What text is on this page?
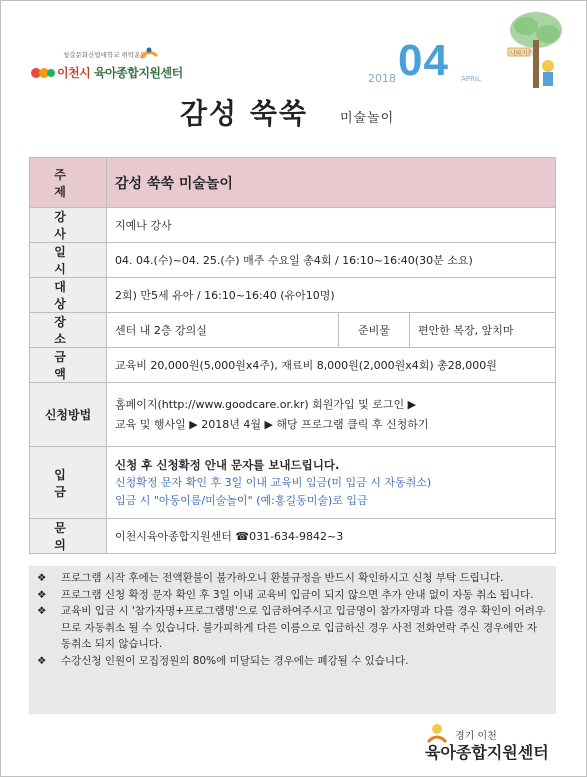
청강문화산업대학교 위탁운영
이천시 육아종합지원센터	2018 04 APRIL
나와지기
감성 쑥쑥 미술놀이
주 제	감성 쑥쑥 미술놀이		
강 사	지예나 강사		
일 시	04. 04.(수)~04. 25.(수) 매주 수요일 총4회 / 16:10~16:40(30분 소요)		
대 상	2회) 만5세 유아 / 16:10~16:40 (유아10명)		
장 소	센터 내 2층 강의실	준비물	편안한 복장, 앞치마
금 액	교육비 20,000원(5,000원x4주), 재료비 8,000원(2,000원x4회) 총28,000원		
신청방법	홈페이지(http://www.goodcare.or.kr) 회원가입 및 로그인 ▶
교육 및 행사일 ▶ 2018년 4월 ▶ 해당 프로그램 클릭 후 신청하기		

입 금	신청 후 신청확정 안내 문자를 보내드립니다.
신청확정 문자 확인 후 3일 이내 교육비 입금(미 입금 시 자동취소)
입금 시 "아동이름/미술놀이" (예:홍길동미술)로 입금		

문 의	이천시육아종합지원센터 ☎031-634-9842~3		
❖ 프로그램 시작 후에는 전액환불이 불가하오니 환불규정을 반드시 확인하시고 신청 부탁 드립니다.
❖ 프로그램 신청 확정 문자 확인 후 3일 이내 교육비 입금이 되지 않으면 추가 안내 없이 자동 취소 됩니다.
❖ 교육비 입금 시 '참가자명+프로그램명'으로 입금하여주시고 입금명이 참가자명과 다를 경우 확인이 어려우므로 자동취소 될 수 있습니다. 불가피하게 다른 이름으로 입금하신 경우 사전 전화연락 주신 경우에만 자동취소 되지 않습니다.
❖ 수강신청 인원이 모집정원의 80%에 미달되는 경우에는 폐강될 수 있습니다.
경기 이천
육아종합지원센터
